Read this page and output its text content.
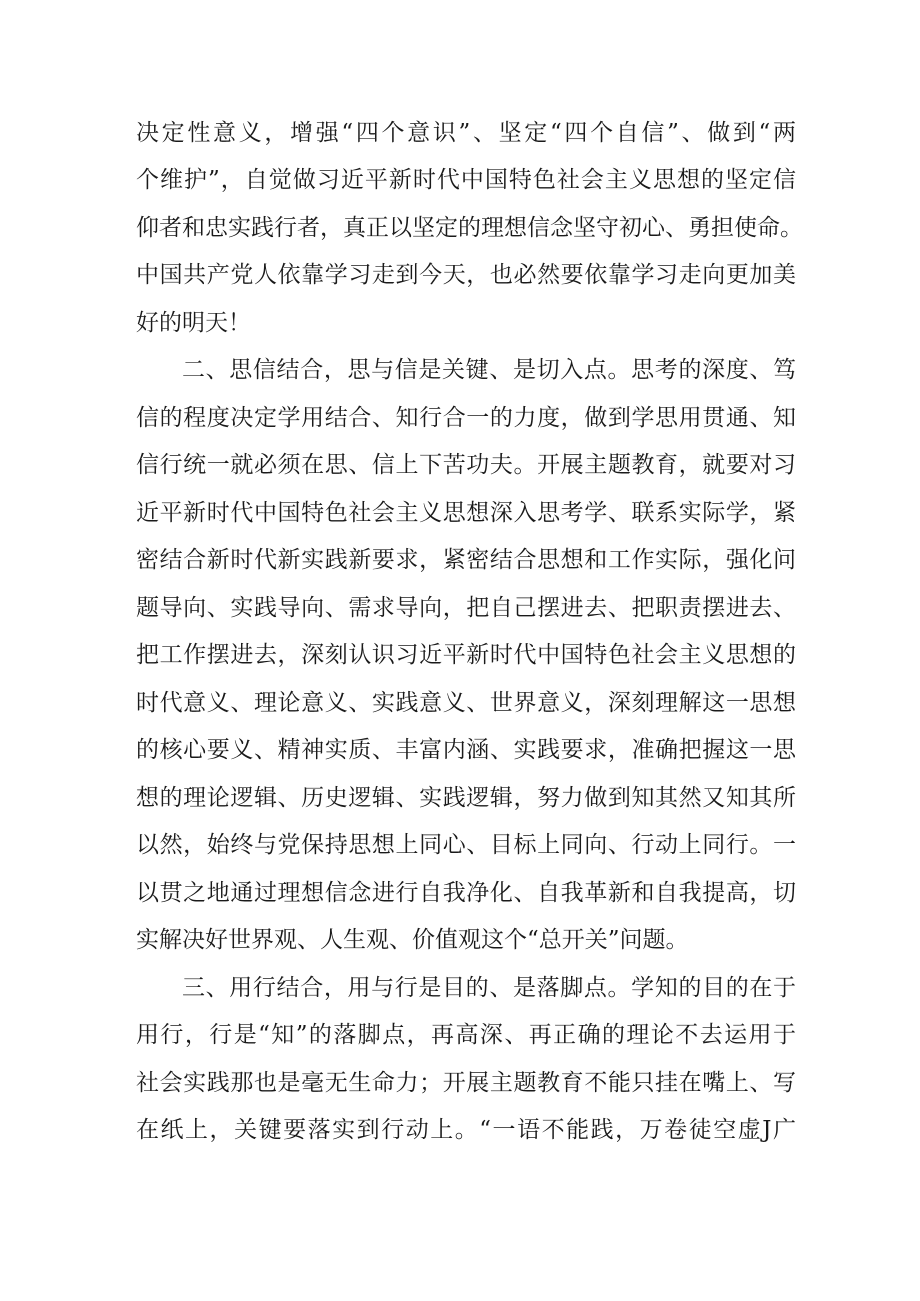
决定性意义，增强“四个意识”、坚定“四个自信”、做到“两
个维护”，自觉做习近平新时代中国特色社会主义思想的坚定信
仰者和忠实践行者，真正以坚定的理想信念坚守初心、勇担使命。
中国共产党人依靠学习走到今天，也必然要依靠学习走向更加美
好的明天！
二、思信结合，思与信是关键、是切入点。思考的深度、笃
信的程度决定学用结合、知行合一的力度，做到学思用贯通、知
信行统一就必须在思、信上下苦功夫。开展主题教育，就要对习
近平新时代中国特色社会主义思想深入思考学、联系实际学，紧
密结合新时代新实践新要求，紧密结合思想和工作实际，强化问
题导向、实践导向、需求导向，把自己摆进去、把职责摆进去、
把工作摆进去，深刻认识习近平新时代中国特色社会主义思想的
时代意义、理论意义、实践意义、世界意义，深刻理解这一思想
的核心要义、精神实质、丰富内涵、实践要求，准确把握这一思
想的理论逻辑、历史逻辑、实践逻辑，努力做到知其然又知其所
以然，始终与党保持思想上同心、目标上同向、行动上同行。一
以贯之地通过理想信念进行自我净化、自我革新和自我提高，切
实解决好世界观、人生观、价值观这个“总开关”问题。
三、用行结合，用与行是目的、是落脚点。学知的目的在于
用行，行是“知”的落脚点，再高深、再正确的理论不去运用于
社会实践那也是毫无生命力；开展主题教育不能只挂在嘴上、写
在纸上，关键要落实到行动上。“一语不能践，万卷徒空虚J广
